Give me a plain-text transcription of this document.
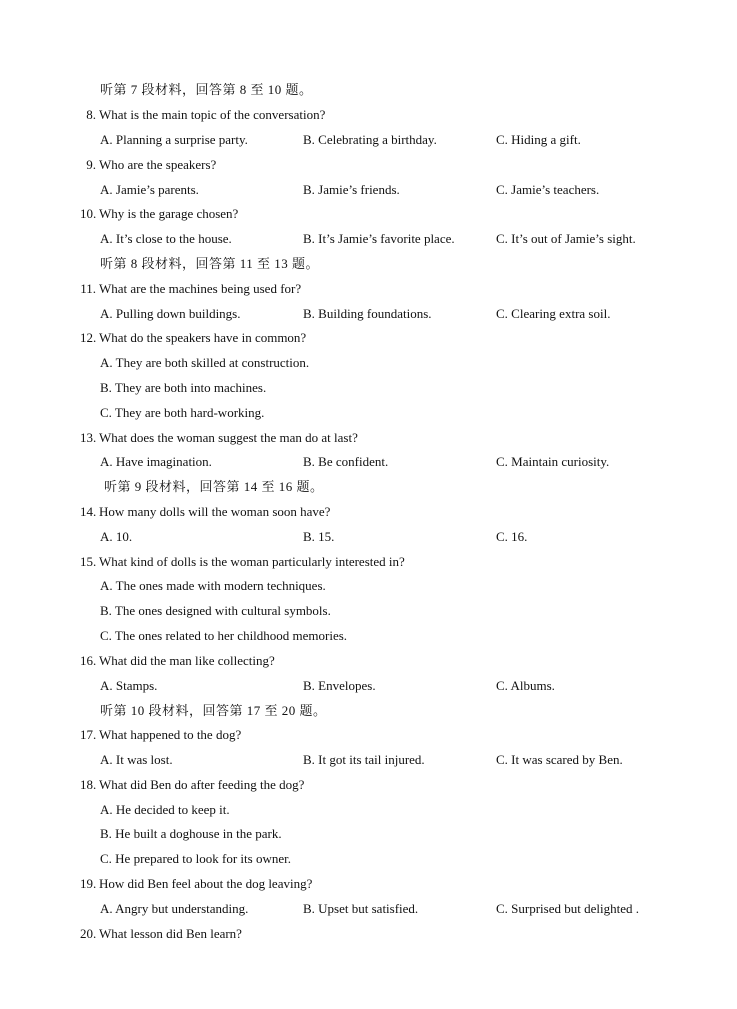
听第 7 段材料，回答第 8 至 10 题。
8. What is the main topic of the conversation?
A. Planning a surprise party.	B. Celebrating a birthday.	C. Hiding a gift.
9. Who are the speakers?
A. Jamie’s parents.	B. Jamie’s friends.	C. Jamie’s teachers.
10. Why is the garage chosen?
A. It’s close to the house.	B. It’s Jamie’s favorite place.	C. It’s out of Jamie’s sight.
听第 8 段材料，回答第 11 至 13 题。
11. What are the machines being used for?
A. Pulling down buildings.	B. Building foundations.	C. Clearing extra soil.
12. What do the speakers have in common?
A. They are both skilled at construction.
B. They are both into machines.
C. They are both hard-working.
13. What does the woman suggest the man do at last?
A. Have imagination.	B. Be confident.	C. Maintain curiosity.
听第 9 段材料，回答第 14 至 16 题。
14. How many dolls will the woman soon have?
A. 10.	B. 15.	C. 16.
15. What kind of dolls is the woman particularly interested in?
A. The ones made with modern techniques.
B. The ones designed with cultural symbols.
C. The ones related to her childhood memories.
16. What did the man like collecting?
A. Stamps.	B. Envelopes.	C. Albums.
听第 10 段材料，回答第 17 至 20 题。
17. What happened to the dog?
A. It was lost.	B. It got its tail injured.	C. It was scared by Ben.
18. What did Ben do after feeding the dog?
A. He decided to keep it.
B. He built a doghouse in the park.
C. He prepared to look for its owner.
19. How did Ben feel about the dog leaving?
A. Angry but understanding.	B. Upset but satisfied.	C. Surprised but delighted .
20. What lesson did Ben learn?
